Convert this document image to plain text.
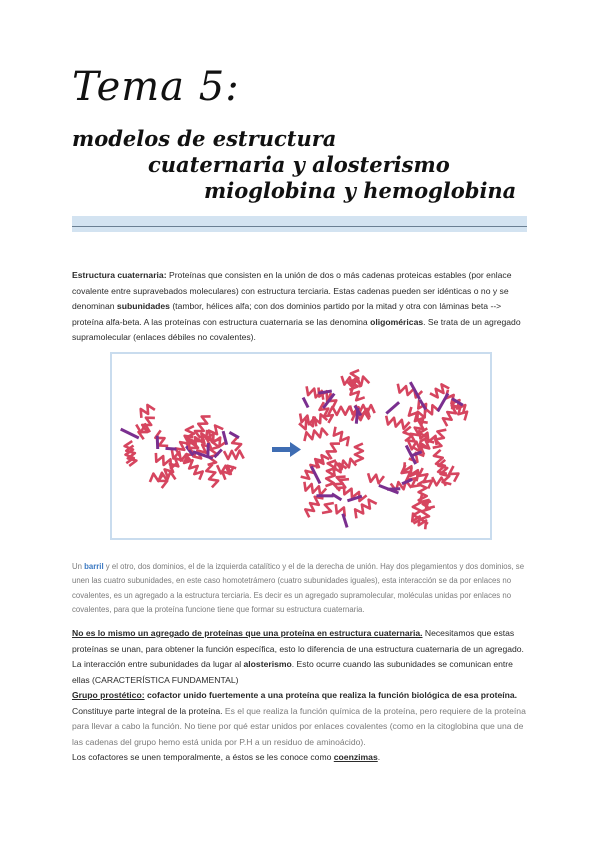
Tema 5:
modelos de estructura
cuaternaria y alosterismo
mioglobina y hemoglobina

Estructura cuaternaria: Proteínas que consisten en la unión de dos o más cadenas proteicas estables (por enlace covalente entre supravebados moleculares) con estructura terciaria. Estas cadenas pueden ser idénticas o no y se denominan subunidades (tambor, hélices alfa; con dos dominios partido por la mitad y otra con láminas beta --> proteína alfa-beta. A las proteínas con estructura cuaternaria se las denomina oligoméricas. Se trata de un agregado supramolecular (enlaces débiles no covalentes).

Un barril y el otro, dos dominios, el de la izquierda catalítico y el de la derecha de unión. Hay dos plegamientos y dos dominios, se unen las cuatro subunidades, en este caso homotetrámero (cuatro subunidades iguales), esta interacción se da por enlaces no covalentes, es un agregado a la estructura terciaria. Es decir es un agregado supramolecular, moléculas unidas por enlaces no covalentes, para que la proteína funcione tiene que formar su estructura cuaternaria.

No es lo mismo un agregado de proteínas que una proteína en estructura cuaternaria. Necesitamos que estas proteínas se unan, para obtener la función específica, esto lo diferencia de una estructura cuaternaria de un agregado. La interacción entre subunidades da lugar al alosterismo. Esto ocurre cuando las subunidades se comunican entre ellas (CARACTERÍSTICA FUNDAMENTAL)

Grupo prostético: cofactor unido fuertemente a una proteína que realiza la función biológica de esa proteína. Constituye parte integral de la proteína. Es el que realiza la función química de la proteína, pero requiere de la proteína para llevar a cabo la función. No tiene por qué estar unidos por enlaces covalentes (como en la citoglobina que una de las cadenas del grupo hemo está unida por P.H a un residuo de aminoácido).
Los cofactores se unen temporalmente, a éstos se les conoce como coenzimas.
